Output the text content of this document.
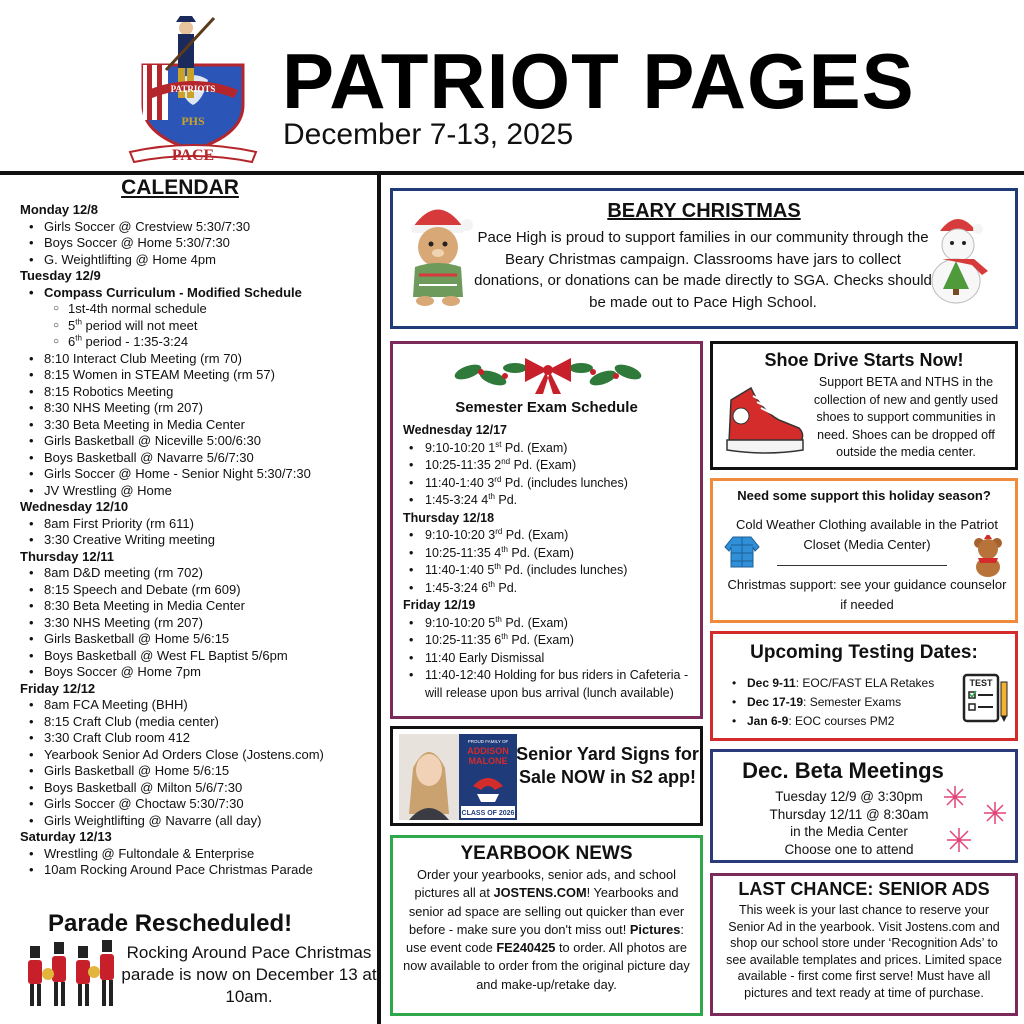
PHS
PATRIOTS
PACE
PATRIOT PAGES
December 7-13, 2025
CALENDAR
Monday 12/8
• Girls Soccer @ Crestview 5:30/7:30
• Boys Soccer @ Home 5:30/7:30
• G. Weightlifting @ Home 4pm
Tuesday 12/9
• Compass Curriculum - Modified Schedule
○ 1st-4th normal schedule
○ 5th period will not meet
○ 6th period - 1:35-3:24
• 8:10 Interact Club Meeting (rm 70)
• 8:15 Women in STEAM Meeting (rm 57)
• 8:15 Robotics Meeting
• 8:30 NHS Meeting (rm 207)
• 3:30 Beta Meeting in Media Center
• Girls Basketball @ Niceville 5:00/6:30
• Boys Basketball @ Navarre 5/6/7:30
• Girls Soccer @ Home - Senior Night 5:30/7:30
• JV Wrestling @ Home
Wednesday 12/10
• 8am First Priority (rm 611)
• 3:30 Creative Writing meeting
Thursday 12/11
• 8am D&D meeting (rm 702)
• 8:15 Speech and Debate (rm 609)
• 8:30 Beta Meeting in Media Center
• 3:30 NHS Meeting (rm 207)
• Girls Basketball @ Home 5/6:15
• Boys Basketball @ West FL Baptist 5/6pm
• Boys Soccer @ Home 7pm
Friday 12/12
• 8am FCA Meeting (BHH)
• 8:15 Craft Club (media center)
• 3:30 Craft Club room 412
• Yearbook Senior Ad Orders Close (Jostens.com)
• Girls Basketball @ Home 5/6:15
• Boys Basketball @ Milton 5/6/7:30
• Girls Soccer @ Choctaw 5:30/7:30
• Girls Weightlifting @ Navarre (all day)
Saturday 12/13
• Wrestling @ Fultondale & Enterprise
• 10am Rocking Around Pace Christmas Parade
Parade Rescheduled!
Rocking Around Pace Christmas parade is now on December 13 at 10am.
BEARY CHRISTMAS
Pace High is proud to support families in our community through the Beary Christmas campaign. Classrooms have jars to collect donations, or donations can be made directly to SGA. Checks should be made out to Pace High School.
Semester Exam Schedule
Wednesday 12/17
• 9:10-10:20 1st Pd. (Exam)
• 10:25-11:35 2nd Pd. (Exam)
• 11:40-1:40 3rd Pd. (includes lunches)
• 1:45-3:24 4th Pd.
Thursday 12/18
• 9:10-10:20 3rd Pd. (Exam)
• 10:25-11:35 4th Pd. (Exam)
• 11:40-1:40 5th Pd. (includes lunches)
• 1:45-3:24 6th Pd.
Friday 12/19
• 9:10-10:20 5th Pd. (Exam)
• 10:25-11:35 6th Pd. (Exam)
• 11:40 Early Dismissal
• 11:40-12:40 Holding for bus riders in Cafeteria - will release upon bus arrival (lunch available)
Shoe Drive Starts Now!
Support BETA and NTHS in the collection of new and gently used shoes to support communities in need. Shoes can be dropped off outside the media center.
Need some support this holiday season?
Cold Weather Clothing available in the Patriot Closet (Media Center)
Christmas support: see your guidance counselor if needed
Upcoming Testing Dates:
• Dec 9-11: EOC/FAST ELA Retakes
• Dec 17-19: Semester Exams
• Jan 6-9: EOC courses PM2
TEST
PROUD FAMILY OF
ADDISON
MALONE
CLASS OF 2026
Senior Yard Signs for Sale NOW in S2 app!	Dec. Beta Meetings
Tuesday 12/9 @ 3:30pm
Thursday 12/11 @ 8:30am
in the Media Center
Choose one to attend
YEARBOOK NEWS
Order your yearbooks, senior ads, and school pictures all at JOSTENS.COM! Yearbooks and senior ad space are selling out quicker than ever before - make sure you don't miss out! Pictures: use event code FE240425 to order. All photos are now available to order from the original picture day and make-up/retake day.
LAST CHANCE: SENIOR ADS
This week is your last chance to reserve your Senior Ad in the yearbook. Visit Jostens.com and shop our school store under ‘Recognition Ads’ to see available templates and prices. Limited space available - first come first serve! Must have all pictures and text ready at time of purchase.
